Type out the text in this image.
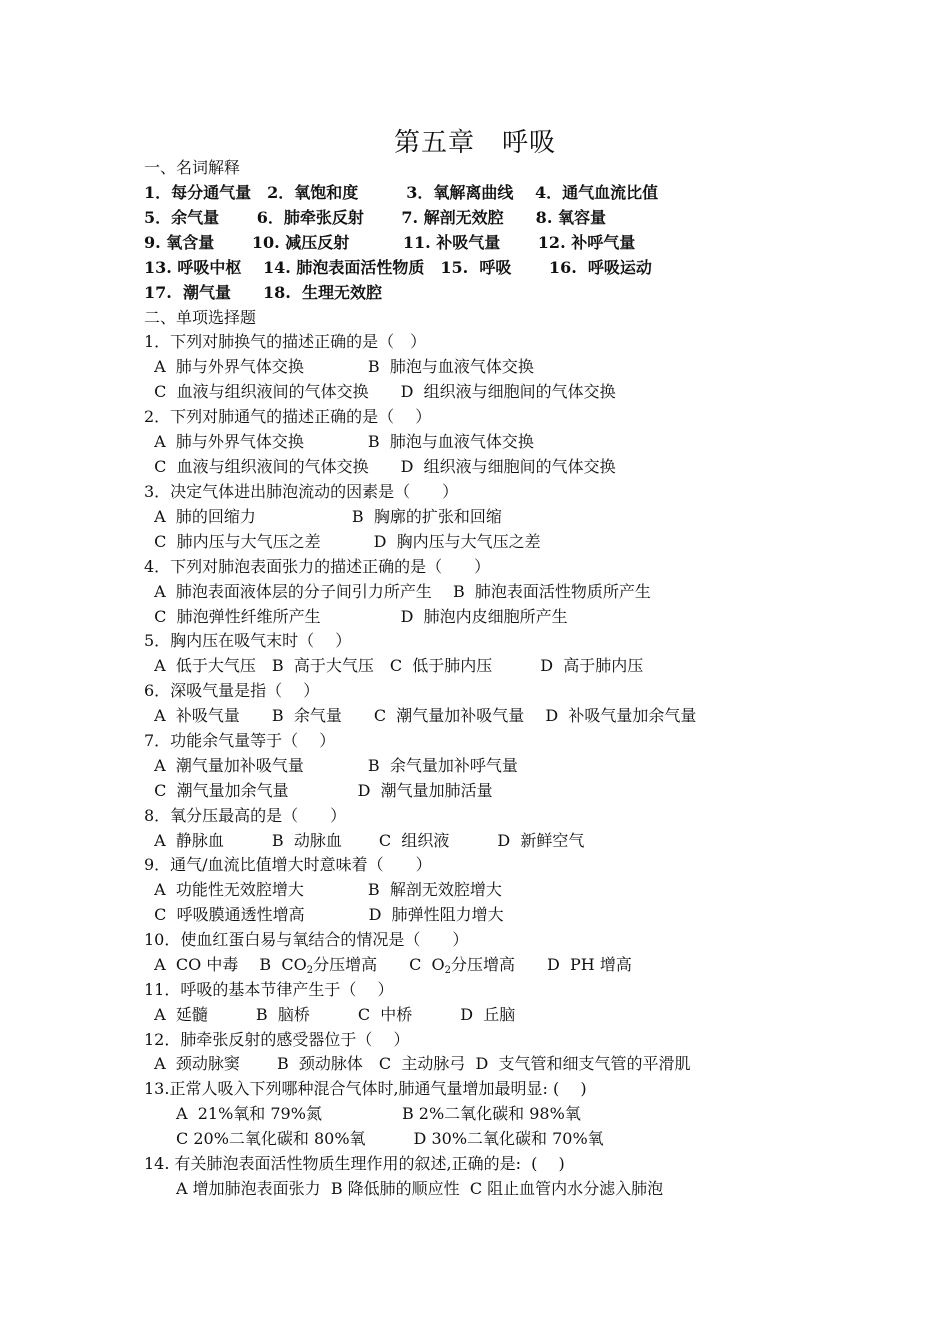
第五章　呼吸
一、名词解释
1．每分通气量　2．氧饱和度　　　3．氧解离曲线　 4．通气血流比值
5．余气量　　 6．肺牵张反射　　 7. 解剖无效腔　　8. 氧容量
9. 氧含量　　 10. 减压反射　　　 11. 补吸气量　　 12. 补呼气量
13. 呼吸中枢　 14. 肺泡表面活性物质　15.  呼吸　　 16.  呼吸运动
17.  潮气量　　18.  生理无效腔
二、单项选择题
1．下列对肺换气的描述正确的是（　）
A  肺与外界气体交换　　　　B  肺泡与血液气体交换
C  血液与组织液间的气体交换　　D  组织液与细胞间的气体交换
2．下列对肺通气的描述正确的是（　 ）
A  肺与外界气体交换　　　　B  肺泡与血液气体交换
C  血液与组织液间的气体交换　　D  组织液与细胞间的气体交换
3．决定气体进出肺泡流动的因素是（　　）
A  肺的回缩力　　　　　　B  胸廓的扩张和回缩
C  肺内压与大气压之差　　　 D  胸内压与大气压之差
4．下列对肺泡表面张力的描述正确的是（　　）
A  肺泡表面液体层的分子间引力所产生　 B  肺泡表面活性物质所产生
C  肺泡弹性纤维所产生　　　　　D  肺泡内皮细胞所产生
5．胸内压在吸气末时（　 ）
A  低于大气压　B  高于大气压　C  低于肺内压　　　D  高于肺内压
6．深吸气量是指（　 ）
A  补吸气量　　B  余气量　　C  潮气量加补吸气量　 D  补吸气量加余气量
7．功能余气量等于（　 ）
A  潮气量加补吸气量　　　　B  余气量加补呼气量
C  潮气量加余气量　　　　 D  潮气量加肺活量
8．氧分压最高的是（　　）
A  静脉血　　　B  动脉血　　 C  组织液　　　D  新鲜空气
9．通气/血流比值增大时意味着（　　）
A  功能性无效腔增大　　　　B  解剖无效腔增大
C  呼吸膜通透性增高　　　　D  肺弹性阻力增大
10．使血红蛋白易与氧结合的情况是（　　）
A  CO 中毒　 B  $CO_2$分压增高　　C  $O_2$分压增高　　D  PH 增高
11．呼吸的基本节律产生于（　 ）
A  延髓　　　B  脑桥　　　C  中桥　　　D  丘脑
12．肺牵张反射的感受器位于（　 ）
A  颈动脉窦　　 B  颈动脉体　C  主动脉弓  D  支气管和细支气管的平滑肌
13.正常人吸入下列哪种混合气体时,肺通气量增加最明显: (　 )
　　A  21%氧和 79%氮　　　　　B 2%二氧化碳和 98%氧
　　C 20%二氧化碳和 80%氧　　　D 30%二氧化碳和 70%氧
14. 有关肺泡表面活性物质生理作用的叙述,正确的是:  (　 )
　　A 增加肺泡表面张力  B 降低肺的顺应性  C 阻止血管内水分滤入肺泡
